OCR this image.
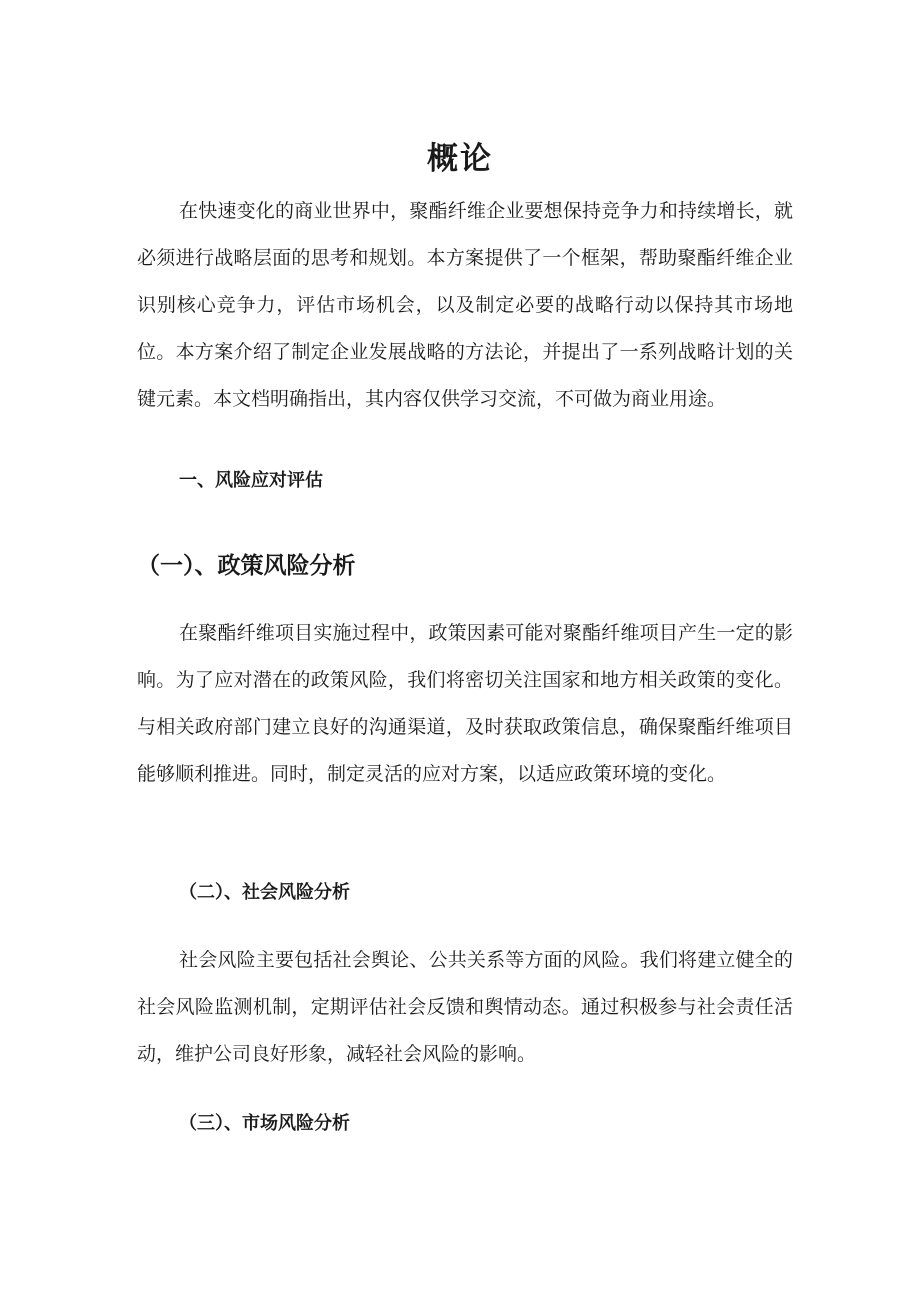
概论

在快速变化的商业世界中，聚酯纤维企业要想保持竞争力和持续增长，就必须进行战略层面的思考和规划。本方案提供了一个框架，帮助聚酯纤维企业识别核心竞争力，评估市场机会，以及制定必要的战略行动以保持其市场地位。本方案介绍了制定企业发展战略的方法论，并提出了一系列战略计划的关键元素。本文档明确指出，其内容仅供学习交流，不可做为商业用途。

一、风险应对评估
（一）、政策风险分析

在聚酯纤维项目实施过程中，政策因素可能对聚酯纤维项目产生一定的影响。为了应对潜在的政策风险，我们将密切关注国家和地方相关政策的变化。与相关政府部门建立良好的沟通渠道，及时获取政策信息，确保聚酯纤维项目能够顺利推进。同时，制定灵活的应对方案，以适应政策环境的变化。

（二）、社会风险分析

社会风险主要包括社会舆论、公共关系等方面的风险。我们将建立健全的社会风险监测机制，定期评估社会反馈和舆情动态。通过积极参与社会责任活动，维护公司良好形象，减轻社会风险的影响。

（三）、市场风险分析
